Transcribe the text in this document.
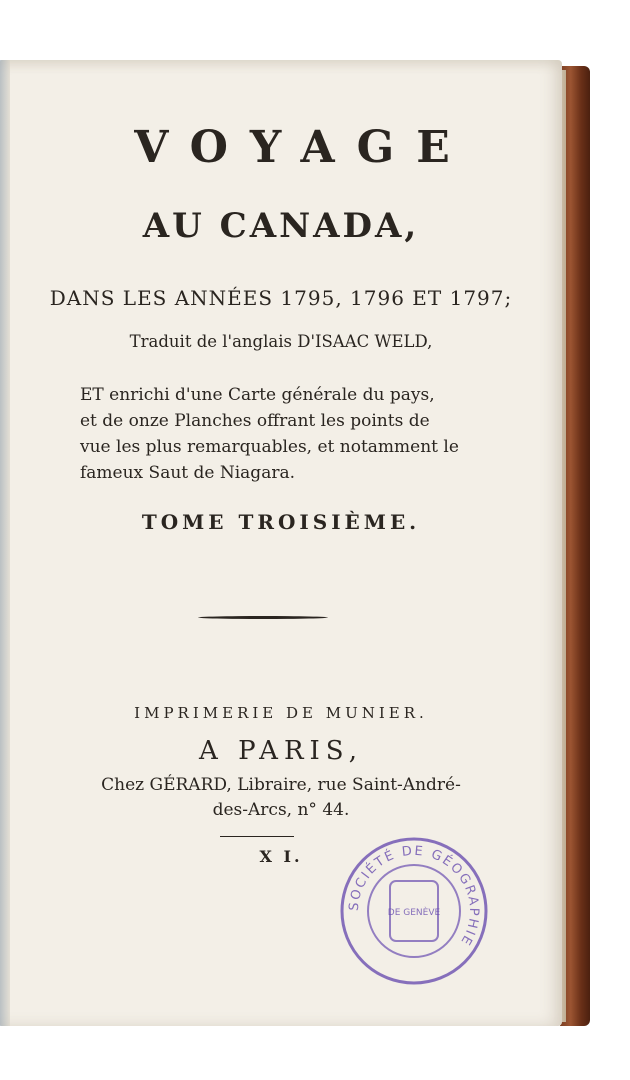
VOYAGE
AU CANADA,
DANS LES ANNÉES 1795, 1796 ET 1797;
Traduit de l'anglais D'ISAAC WELD,
ET enrichi d'une Carte générale du pays,
et de onze Planches offrant les points de
vue les plus remarquables, et notamment le
fameux Saut de Niagara.
TOME TROISIÈME.
IMPRIMERIE DE MUNIER.
A PARIS,
Chez GÉRARD, Libraire, rue Saint-André-
des-Arcs, n° 44.
X I.
SOCIÉTÉ DE GÉOGRAPHIE
DE GENÈVE
